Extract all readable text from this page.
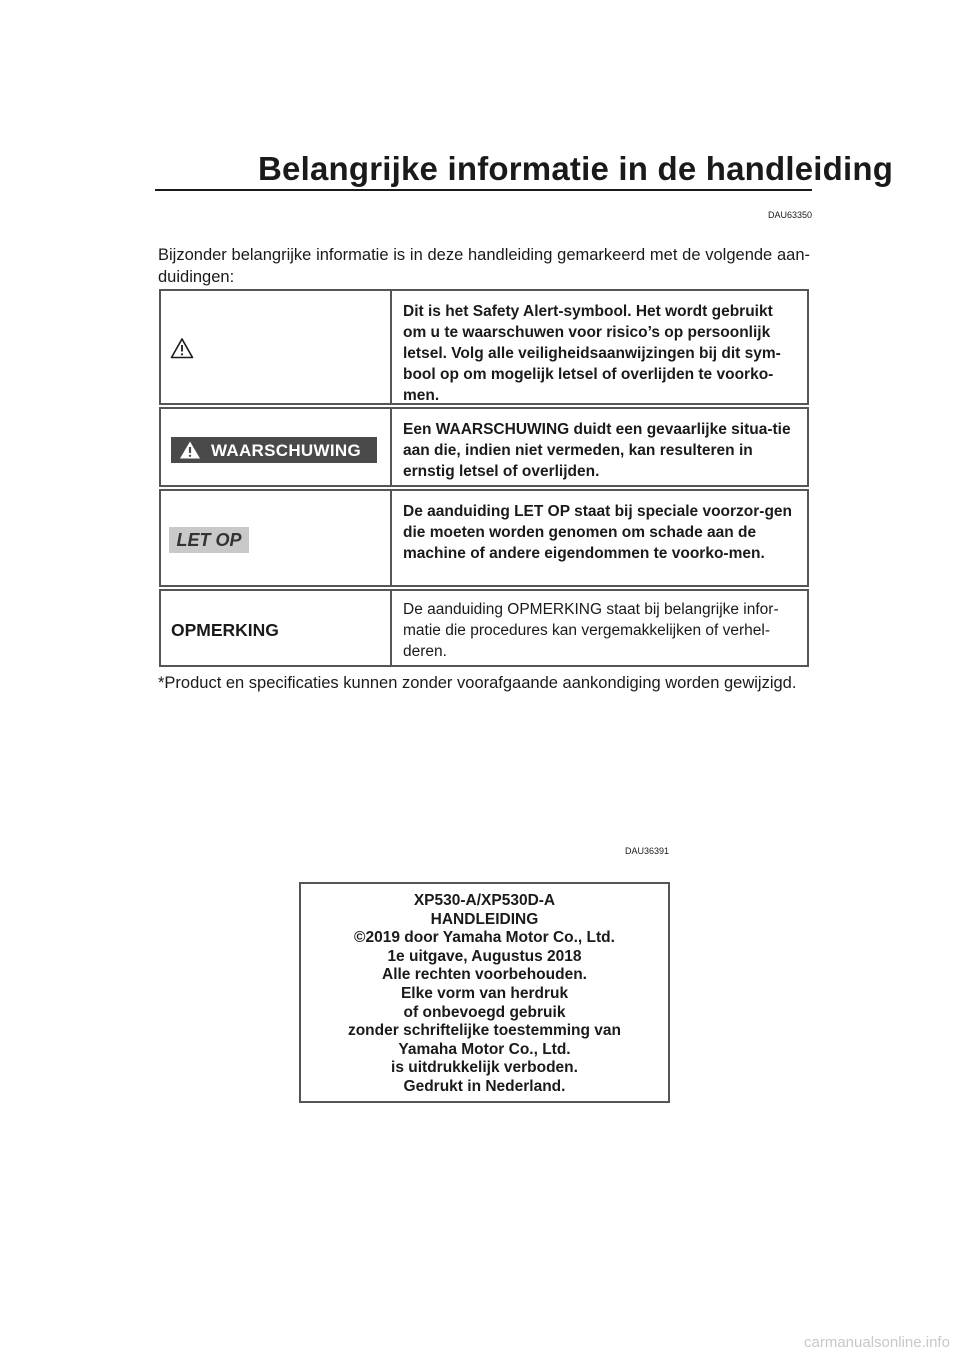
Belangrijke informatie in de handleiding
DAU63350
Bijzonder belangrijke informatie is in deze handleiding gemarkeerd met de volgende aan-duidingen:
Dit is het Safety Alert-symbool. Het wordt gebruikt om u te waarschuwen voor risico’s op persoonlijk letsel. Volg alle veiligheidsaanwijzingen bij dit sym-bool op om mogelijk letsel of overlijden te voorko-men.
WAARSCHUWING
Een WAARSCHUWING duidt een gevaarlijke situa-tie aan die, indien niet vermeden, kan resulteren in ernstig letsel of overlijden.
LET OP
De aanduiding LET OP staat bij speciale voorzor-gen die moeten worden genomen om schade aan de machine of andere eigendommen te voorko-men.
OPMERKING
De aanduiding OPMERKING staat bij belangrijke infor-matie die procedures kan vergemakkelijken of verhel-deren.
*Product en specificaties kunnen zonder voorafgaande aankondiging worden gewijzigd.
DAU36391
XP530-A/XP530D-A
HANDLEIDING
©2019 door Yamaha Motor Co., Ltd.
1e uitgave, Augustus 2018
Alle rechten voorbehouden.
Elke vorm van herdruk
of onbevoegd gebruik
zonder schriftelijke toestemming van
Yamaha Motor Co., Ltd.
is uitdrukkelijk verboden.
Gedrukt in Nederland.
carmanualsonline.info
